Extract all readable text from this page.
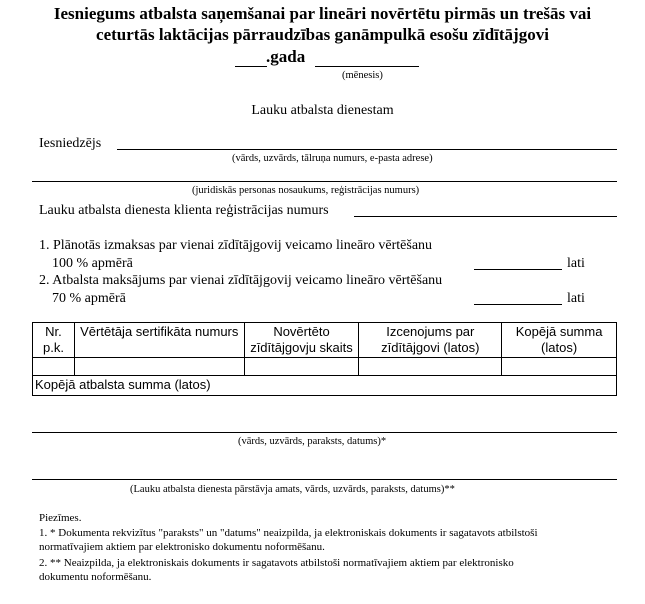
Iesniegums atbalsta saņemšanai par lineāri novērtētu pirmās un trešās vai
ceturtās laktācijas pārraudzības ganāmpulkā esošu zīdītājgovi
.gada
(mēnesis)
Lauku atbalsta dienestam
Iesniedzējs
(vārds, uzvārds, tālruņa numurs, e-pasta adrese)
(juridiskās personas nosaukums, reģistrācijas numurs)
Lauku atbalsta dienesta klienta reģistrācijas numurs
1. Plānotās izmaksas par vienai zīdītājgovij veicamo lineāro vērtēšanu
100 % apmērā	lati
2. Atbalsta maksājums par vienai zīdītājgovij veicamo lineāro vērtēšanu
70 % apmērā	lati
Nr. p.k.	Vērtētāja sertifikāta numurs	Novērtēto zīdītājgovju skaits	Izcenojums par zīdītājgovi (latos)	Kopējā summa (latos)

Kopējā atbalsta summa (latos)				
(vārds, uzvārds, paraksts, datums)*
(Lauku atbalsta dienesta pārstāvja amats, vārds, uzvārds, paraksts, datums)**
Piezīmes.
1. * Dokumenta rekvizītus "paraksts" un "datums" neaizpilda, ja elektroniskais dokuments ir sagatavots atbilstoši
normatīvajiem aktiem par elektronisko dokumentu noformēšanu.
2. ** Neaizpilda, ja elektroniskais dokuments ir sagatavots atbilstoši normatīvajiem aktiem par elektronisko
dokumentu noformēšanu.
